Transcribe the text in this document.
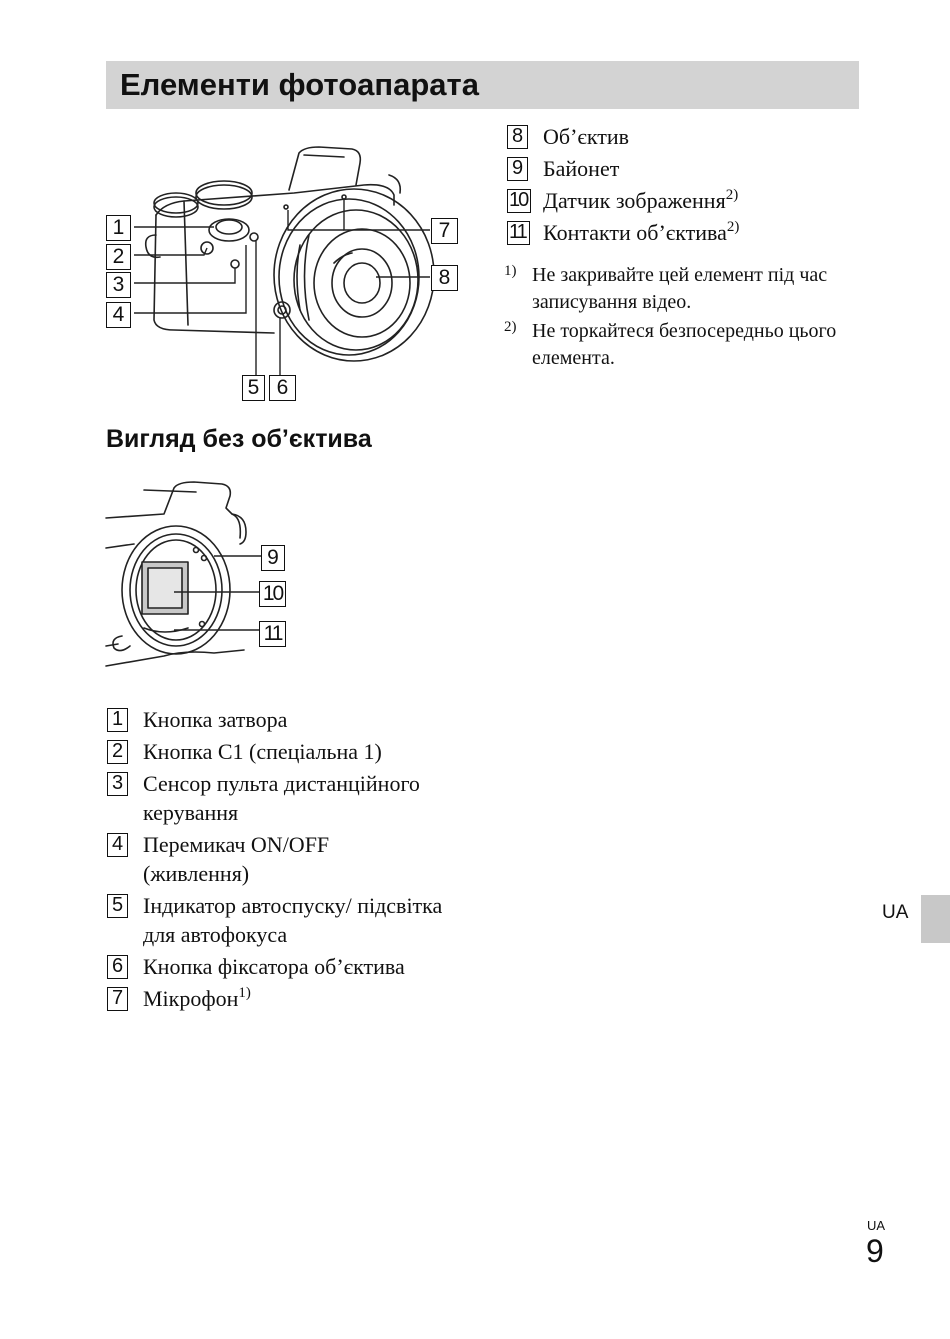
Елементи фотоапарата
1
2
3
4
5 6
7
8
Вигляд без об’єктива
9
10
11
1 Кнопка затвора
2 Кнопка C1 (спеціальна 1)
3 Сенсор пульта дистанційного керування
4 Перемикач ON/OFF (живлення)
5 Індикатор автоспуску/ підсвітка для автофокуса
6 Кнопка фіксатора об’єктива
7 Мікрофон$^{1)}$
8 Об’єктив
9 Байонет
10 Датчик зображення$^{2)}$
11 Контакти об’єктива$^{2)}$
1) Не закривайте цей елемент під час записування відео.
2) Не торкайтеся безпосередньо цього елемента.
UA
UA
9
